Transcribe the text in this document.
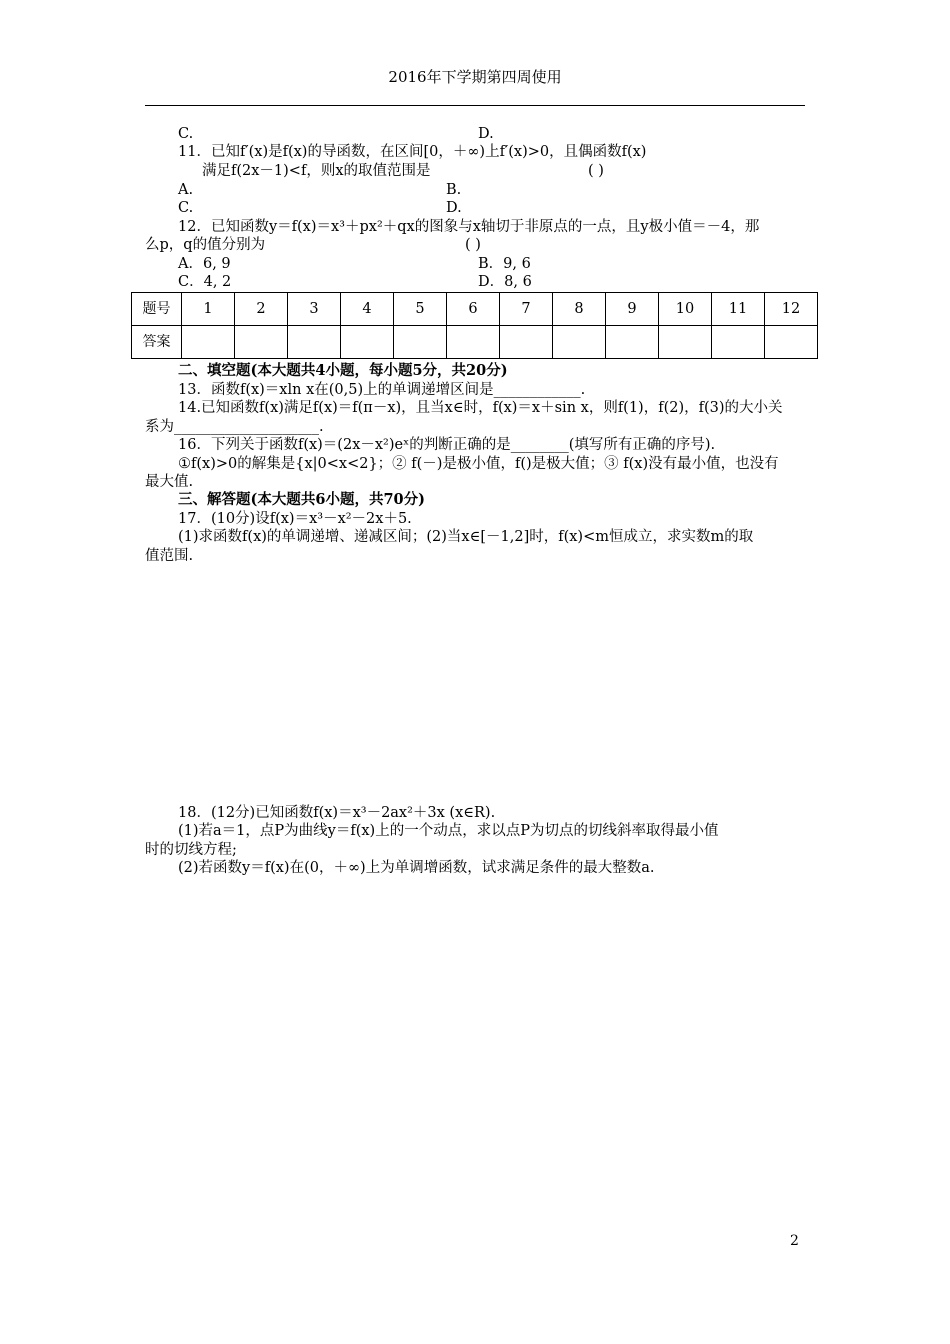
2016年下学期第四周使用
C.	D.
11．已知f′(x)是f(x)的导函数，在区间[0，＋∞)上f′(x)>0，且偶函数f(x)
满足f(2x－1)<f，则x的取值范围是	( )
A.	B.
C.	D.
12．已知函数y＝f(x)＝x³＋px²＋qx的图象与x轴切于非原点的一点，且y极小值＝－4，那
么p，q的值分别为	( )
A．6, 9	B．9, 6
C．4, 2	D．8, 6
题号	1	2	3	4	5	6	7	8	9	10	11	12
答案												
二、填空题(本大题共4小题，每小题5分，共20分)
13．函数f(x)＝xln x在(0,5)上的单调递增区间是____________.
14.已知函数f(x)满足f(x)＝f(π－x)，且当x∈时，f(x)＝x＋sin x，则f(1)，f(2)，f(3)的大小关
系为____________________.
16．下列关于函数f(x)＝(2x－x²)eˣ的判断正确的是________(填写所有正确的序号).
①f(x)>0的解集是{x|0<x<2}；② f(－)是极小值，f()是极大值；③ f(x)没有最小值，也没有
最大值.
三、解答题(本大题共6小题，共70分)
17．(10分)设f(x)＝x³－x²－2x＋5.
(1)求函数f(x)的单调递增、递减区间；(2)当x∈[－1,2]时，f(x)<m恒成立，求实数m的取
值范围.
18．(12分)已知函数f(x)＝x³－2ax²＋3x (x∈R).
(1)若a＝1，点P为曲线y＝f(x)上的一个动点，求以点P为切点的切线斜率取得最小值
时的切线方程;
(2)若函数y＝f(x)在(0，＋∞)上为单调增函数，试求满足条件的最大整数a.
2
